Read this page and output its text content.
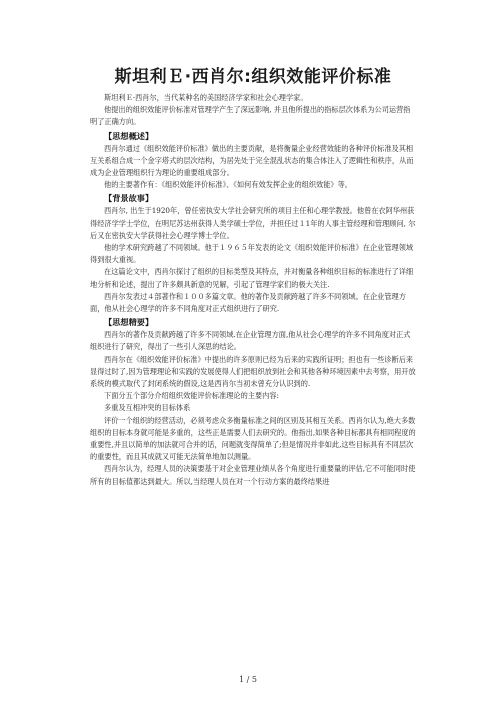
斯坦利Ｅ·西肖尔:组织效能评价标准

斯坦利Ｅ·西肖尔，当代某种名的美国经济学家和社会心理学家。

他提出的组织效能评价标准对管理学产生了深远影响, 并且他所提出的指标层次体系为公司运营指明了正确方向。

【思想概述】

西肖尔通过《组织效能评价标准》做出的主要贡献，是将衡量企业经营效能的各种评价标准及其相互关系组合成一个金字塔式的层次结构，为居先处于完全混乱状态的集合体注入了逻辑性和秩序，从而成为企业管理组织行为理论的重要组成部分。

他的主要著作有：《组织效能评价标准》、《如何有效发挥企业的组织效能》等。

【背景故事】

西肖尔, 出生于1920年，曾任密执安大学社会研究所的项目主任和心理学教授。他曾在衣阿华州获得经济学学士学位，在明尼苏达州获得人类学硕士学位，并担任过１1年的人事主管经理和管理顾问, 尔后又在密执安大学获得社会心理学博士学位。

他的学术研究跨越了不同领域。他于１９６５年发表的论文《组织效能评价标准》在企业管理领域得到很大重视。

在这篇论文中，西肖尔探讨了组织的目标类型及其特点，并对衡量各种组织目标的标准进行了详细地分析和论述，提出了许多颇具新意的见解，引起了管理学家们的极大关注.

西肖尔发表过４部著作和１００多篇文章。他的著作及贡献跨越了许多不同领域。在企业管理方面，他从社会心理学的许多不同角度对正式组织进行了研究.

【思想精要】

西肖尔的著作及贡献跨越了许多不同领域.在企业管理方面,他从社会心理学的许多不同角度对正式组织进行了研究，得出了一些引人深思的结论。

西肖尔在《组织效能评价标准》中提出的许多原则已经为后来的实践所证明；担也有一些诊断后来显得过时了,因为管理理论和实践的发展使得人们把组织放到社会和其他各种环境因素中去考察，用开放系统的模式取代了封闭系统的假设,这是西肖尔当初未曾充分认识到的.

下面分五个部分介绍组织效能评价标准理论的主要内容:

多重及互相冲突的目标体系

评价一个组织的经营活动，必须考虑众多衡量标准之间的区别及其相互关系。西肖尔认为,绝大多数组织的目标本身就可能是多重的，这些正是需要人们去研究的。他指出,如果各种目标都具有相同程度的重要性,并且以简单的加法就可合并的话，问题就变得简单了;但是情况并非如此,这些目标具有不同层次的重要性，而且其成就又可能无法简单地加以测量。

西肖尔认为，经理人员的决策要基于对企业管理业绩从各个角度进行重要量的评估,它不可能同时使所有的目标值都达到最大。所以,当经理人员在对一个行动方案的最终结果进

1 / 5
